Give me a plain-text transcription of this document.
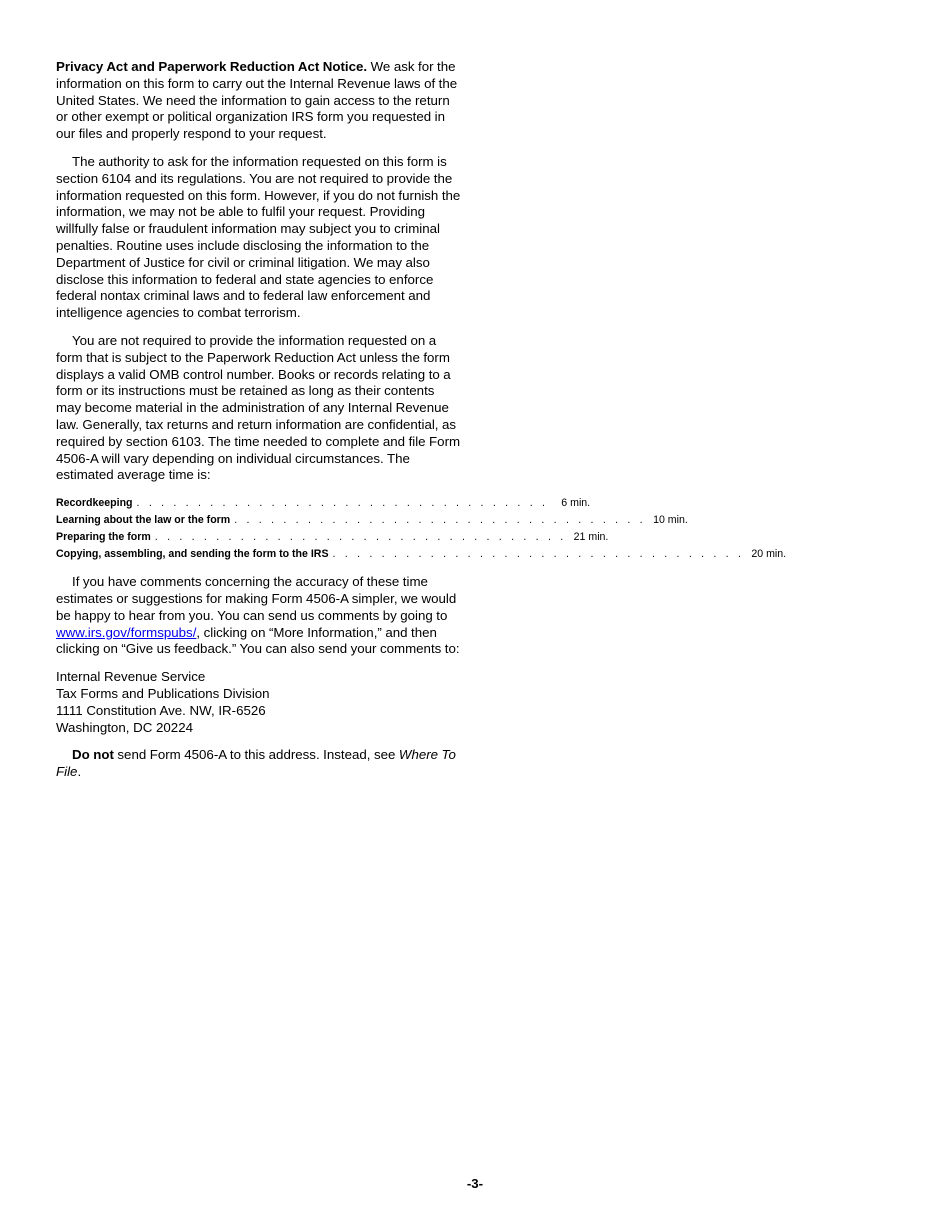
Privacy Act and Paperwork Reduction Act Notice. We ask for the information on this form to carry out the Internal Revenue laws of the United States. We need the information to gain access to the return or other exempt or political organization IRS form you requested in our files and properly respond to your request.

The authority to ask for the information requested on this form is section 6104 and its regulations. You are not required to provide the information requested on this form. However, if you do not furnish the information, we may not be able to fulfil your request. Providing willfully false or fraudulent information may subject you to criminal penalties. Routine uses include disclosing the information to the Department of Justice for civil or criminal litigation. We may also disclose this information to federal and state agencies to enforce federal nontax criminal laws and to federal law enforcement and intelligence agencies to combat terrorism.

You are not required to provide the information requested on a form that is subject to the Paperwork Reduction Act unless the form displays a valid OMB control number. Books or records relating to a form or its instructions must be retained as long as their contents may become material in the administration of any Internal Revenue law. Generally, tax returns and return information are confidential, as required by section 6103. The time needed to complete and file Form 4506-A will vary depending on individual circumstances. The estimated average time is:

Recordkeeping . . . . . . . . . . . . . . . . . . . . . . . . . . . . . . . . . .	6 min.
Learning about the law or the form . . . . . . . . . . . . . . . . . . . . . . . . . . . . . . . . . . 10 min.
Preparing the form . . . . . . . . . . . . . . . . . . . . . . . . . . . . . . . . . . 21 min.
Copying, assembling, and sending the form to the IRS . . . . . . . . . . . . . . . . . . . . . . . . . . . . . . . . . . 20 min.

If you have comments concerning the accuracy of these time estimates or suggestions for making Form 4506-A simpler, we would be happy to hear from you. You can send us comments by going to www.irs.gov/formspubs/, clicking on “More Information,” and then clicking on “Give us feedback.” You can also send your comments to:

Internal Revenue Service
Tax Forms and Publications Division
1111 Constitution Ave. NW, IR-6526
Washington, DC 20224

Do not send Form 4506-A to this address. Instead, see Where To File.

-3-
